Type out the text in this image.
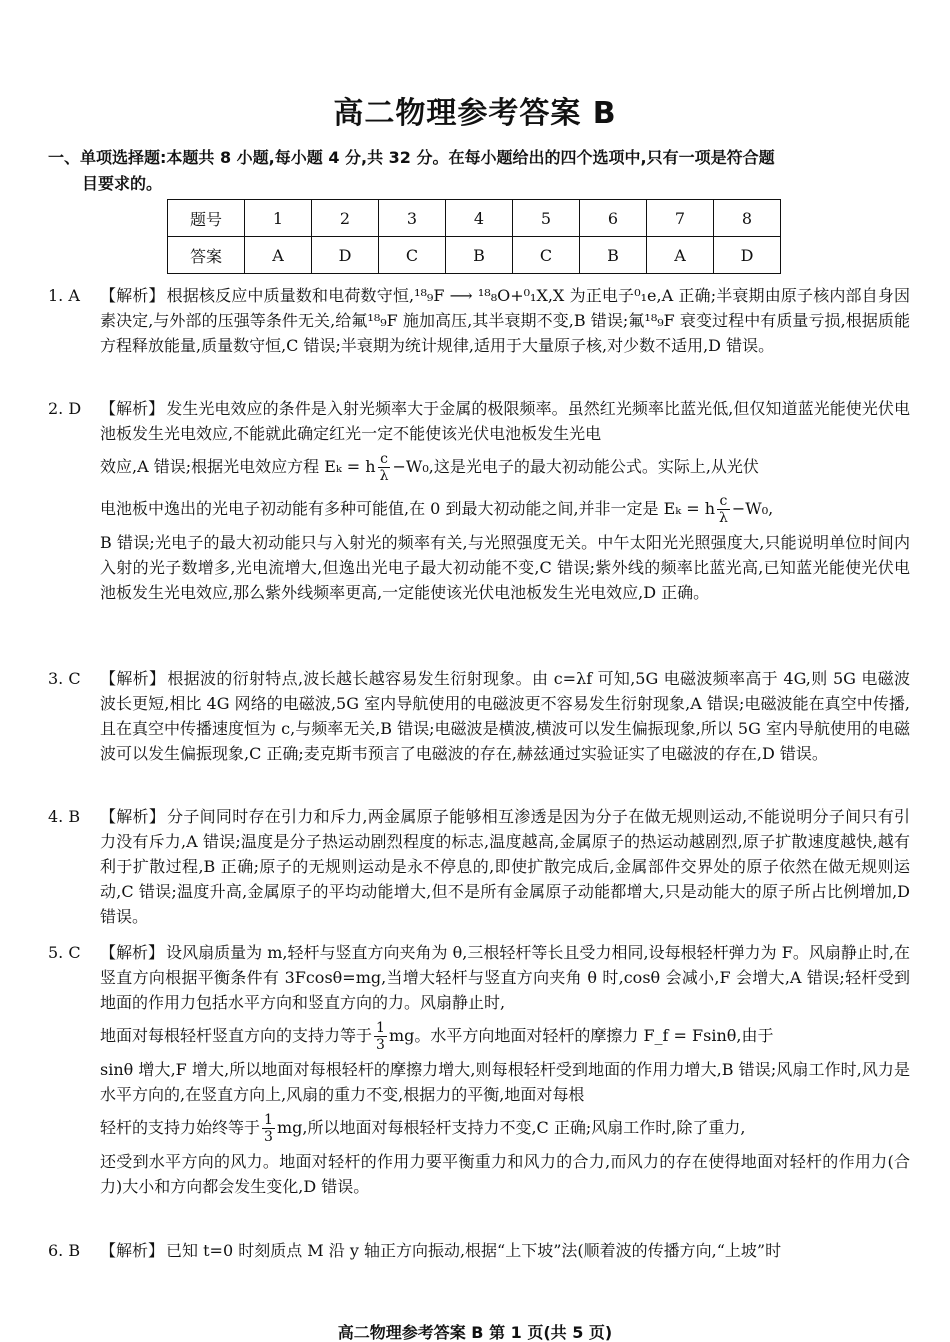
高二物理参考答案 B
一、单项选择题:本题共 8 小题,每小题 4 分,共 32 分。在每小题给出的四个选项中,只有一项是符合题
目要求的。
题号	1	2	3	4	5	6	7	8
答案	A	D	C	B	C	B	A	D
1. A	【解析】 根据核反应中质量数和电荷数守恒,¹⁸₉F ⟶ ¹⁸₈O+⁰₁X,X 为正电子⁰₁e,A 正确;半衰期由原子核内部自身因素决定,与外部的压强等条件无关,给氟¹⁸₉F 施加高压,其半衰期不变,B 错误;氟¹⁸₉F 衰变过程中有质量亏损,根据质能方程释放能量,质量数守恒,C 错误;半衰期为统计规律,适用于大量原子核,对少数不适用,D 错误。
2. D	【解析】 发生光电效应的条件是入射光频率大于金属的极限频率。虽然红光频率比蓝光低,但仅知道蓝光能使光伏电池板发生光电效应,不能就此确定红光一定不能使该光伏电池板发生光电
效应,A 错误;根据光电效应方程 Eₖ = h $\frac{c}{\lambda} -W_0$,这是光电子的最大初动能公式。实际上,从光伏
电池板中逸出的光电子初动能有多种可能值,在 0 到最大初动能之间,并非一定是 Eₖ = h $\frac{c}{\lambda} -W_0$,
B 错误;光电子的最大初动能只与入射光的频率有关,与光照强度无关。中午太阳光光照强度大,只能说明单位时间内入射的光子数增多,光电流增大,但逸出光电子最大初动能不变,C 错误;紫外线的频率比蓝光高,已知蓝光能使光伏电池板发生光电效应,那么紫外线频率更高,一定能使该光伏电池板发生光电效应,D 正确。
3. C	【解析】 根据波的衍射特点,波长越长越容易发生衍射现象。由 c=λf 可知,5G 电磁波频率高于 4G,则 5G 电磁波波长更短,相比 4G 网络的电磁波,5G 室内导航使用的电磁波更不容易发生衍射现象,A 错误;电磁波能在真空中传播,且在真空中传播速度恒为 c,与频率无关,B 错误;电磁波是横波,横波可以发生偏振现象,所以 5G 室内导航使用的电磁波可以发生偏振现象,C 正确;麦克斯韦预言了电磁波的存在,赫兹通过实验证实了电磁波的存在,D 错误。
4. B	【解析】 分子间同时存在引力和斥力,两金属原子能够相互渗透是因为分子在做无规则运动,不能说明分子间只有引力没有斥力,A 错误;温度是分子热运动剧烈程度的标志,温度越高,金属原子的热运动越剧烈,原子扩散速度越快,越有利于扩散过程,B 正确;原子的无规则运动是永不停息的,即使扩散完成后,金属部件交界处的原子依然在做无规则运动,C 错误;温度升高,金属原子的平均动能增大,但不是所有金属原子动能都增大,只是动能大的原子所占比例增加,D 错误。
5. C	【解析】 设风扇质量为 m,轻杆与竖直方向夹角为 θ,三根轻杆等长且受力相同,设每根轻杆弹力为 F。风扇静止时,在竖直方向根据平衡条件有 3Fcosθ=mg,当增大轻杆与竖直方向夹角 θ 时,cosθ 会减小,F 会增大,A 错误;轻杆受到地面的作用力包括水平方向和竖直方向的力。风扇静止时,
地面对每根轻杆竖直方向的支持力等于 $\frac{1}{3}$ mg。水平方向地面对轻杆的摩擦力 F_f = Fsinθ,由于
sinθ 增大,F 增大,所以地面对每根轻杆的摩擦力增大,则每根轻杆受到地面的作用力增大,B 错误;风扇工作时,风力是水平方向的,在竖直方向上,风扇的重力不变,根据力的平衡,地面对每根
轻杆的支持力始终等于 $\frac{1}{3}$ mg,所以地面对每根轻杆支持力不变,C 正确;风扇工作时,除了重力,
还受到水平方向的风力。地面对轻杆的作用力要平衡重力和风力的合力,而风力的存在使得地面对轻杆的作用力(合力)大小和方向都会发生变化,D 错误。
6. B	【解析】 已知 t=0 时刻质点 M 沿 y 轴正方向振动,根据“上下坡”法(顺着波的传播方向,“上坡”时
高二物理参考答案 B 第 1 页(共 5 页)
